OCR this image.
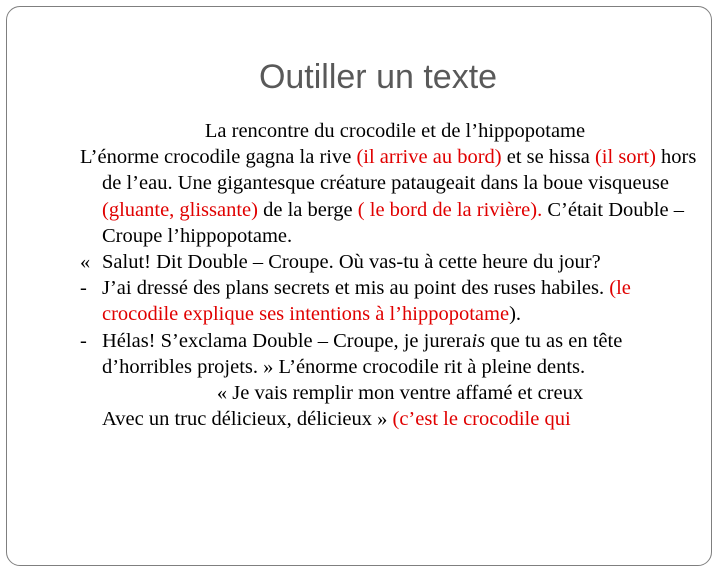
Outiller un texte
La rencontre du crocodile et de l’hippopotame
L’énorme crocodile gagna la rive (il arrive au bord) et se hissa (il sort) hors de l’eau. Une gigantesque créature pataugeait dans la boue visqueuse (gluante, glissante) de la berge ( le bord de la rivière). C’était Double – Croupe l’hippopotame.
« Salut! Dit Double – Croupe. Où vas-tu à cette heure du jour?
- J’ai dressé des plans secrets et mis au point des ruses habiles. (le crocodile explique ses intentions à l’hippopotame).
- Hélas! S’exclama Double – Croupe, je jurerais que tu as en tête d’horribles projets. » L’énorme crocodile rit à pleine dents.
« Je vais remplir mon ventre affamé et creux
Avec un truc délicieux, délicieux » (c’est le crocodile qui
